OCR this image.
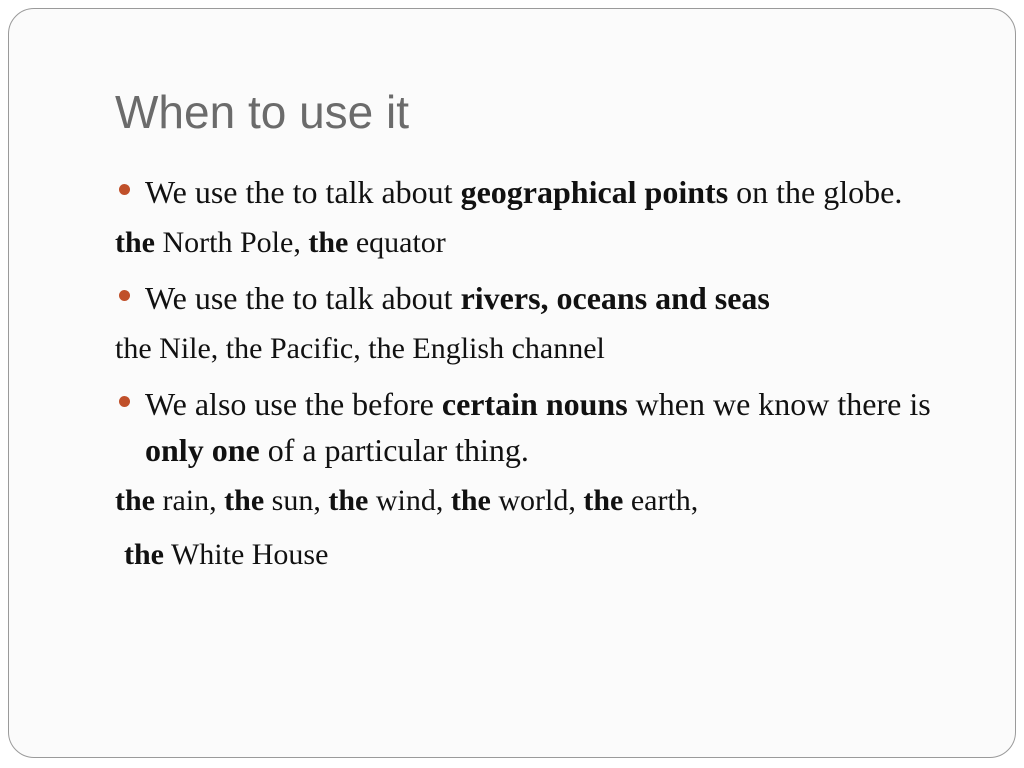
When to use it
We use the to talk about geographical points on the globe.
the North Pole, the equator
We use the to talk about rivers, oceans and seas
the Nile, the Pacific, the English channel
We also use the before certain nouns when we know there is only one of a particular thing.
the rain, the sun, the wind, the world, the earth,
the White House
